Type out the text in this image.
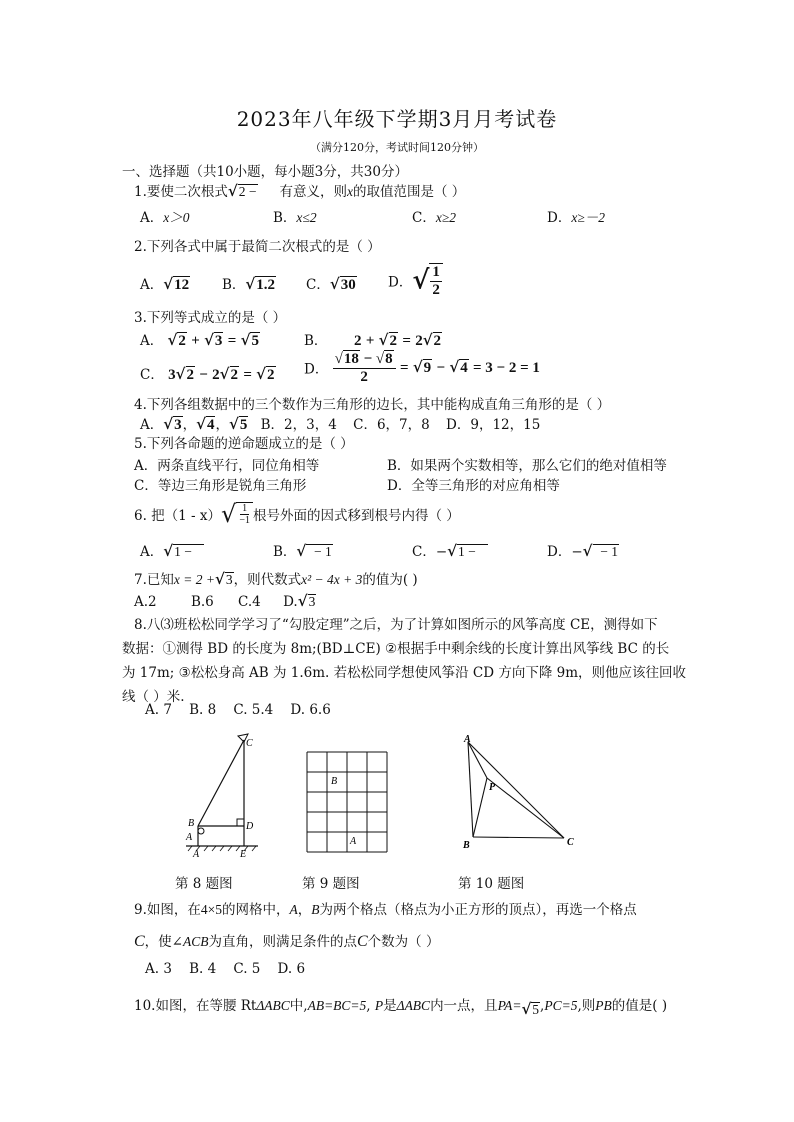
2023年八年级下学期3月月考试卷
（满分120分，考试时间120分钟）
一、选择题（共10小题，每小题3分，共30分）
1.要使二次根式√2 − 有意义，则x的取值范围是（ ）
A．x＞0	B．x≤2	C．x≥2	D．x≥－2
2.下列各式中属于最简二次根式的是（ ）
A．√12 B．√1.2 C．√30 D．√ $\frac{1}{2}$
3.下列等式成立的是（ ）
A． √2 + √3 = √5	B． 2 + √2 = 2√2
C． 3√2 − 2√2 = √2 D． $\frac{√18 - √8}{2} = √9 - √4 = 3 - 2 = 1$
4.下列各组数据中的三个数作为三角形的边长，其中能构成直角三角形的是（ ）
A．√3，√4，√5 B．2，3，4 C．6，7，8 D．9，12，15
5.下列各命题的逆命题成立的是（ ）
A．两条直线平行，同位角相等	B．如果两个实数相等，那么它们的绝对值相等
C．等边三角形是锐角三角形	D．全等三角形的对应角相等
6. 把$(1 - x)√ \frac{1}{-1}$ 根号外面的因式移到根号内得（ ）
A．√1 −	B．√  − 1	C．−√1 −	D．−√  − 1
7.已知x = 2 +√3，则代数式x² − 4x + 3的值为( )
A.2	B.6 C.4 D.√3
8.八⑶班松松同学学习了“勾股定理”之后，为了计算如图所示的风筝高度 CE，测得如下
数据：①测得 BD 的长度为 8m;(BD⊥CE) ②根据手中剩余线的长度计算出风筝线 BC 的长
为 17m; ③松松身高 AB 为 1.6m. 若松松同学想使风筝沿 CD 方向下降 9m，则他应该往回收
线（ ）米.
A. 7    B. 8    C. 5.4    D. 6.6
C
D
B
A
A	E
第 8 题图
B
A
第 9 题图
A
B	C
P
第 10 题图
9.如图，在4×5的网格中，A，B为两个格点（格点为小正方形的顶点），再选一个格点
C，使∠ACB为直角，则满足条件的点C个数为（ ）
A. 3    B. 4    C. 5    D. 6
10.如图，在等腰 RtΔABC中,AB=BC=5, P是ΔABC内一点，且PA=√5,PC=5,则PB的值是( )
